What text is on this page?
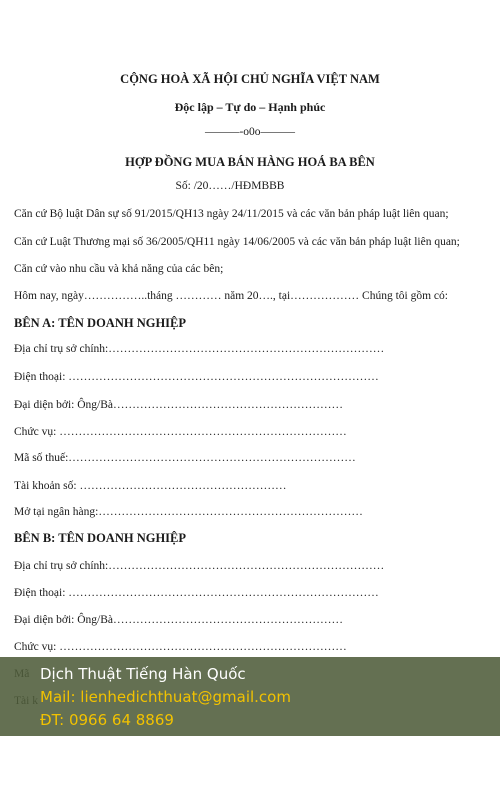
CỘNG HOÀ XÃ HỘI CHỦ NGHĨA VIỆT NAM
Độc lập – Tự do – Hạnh phúc
———-o0o———
HỢP ĐỒNG MUA BÁN HÀNG HOÁ BA BÊN
Số: /20……/HĐMBBB
Căn cứ Bộ luật Dân sự số 91/2015/QH13 ngày 24/11/2015 và các văn bản pháp luật liên quan;
Căn cứ Luật Thương mại số 36/2005/QH11 ngày 14/06/2005 và các văn bản pháp luật liên quan;
Căn cứ vào nhu cầu và khả năng của các bên;
Hôm nay, ngày……………..tháng ………… năm 20…., tại……………… Chúng tôi gồm có:
BÊN A: TÊN DOANH NGHIỆP
Địa chỉ trụ sở chính:………………………………………………………………
Điện thoại: ………………………………………………………………………
Đại diện bởi: Ông/Bà……………………………………………………
Chức vụ: …………………………………………………………………
Mã số thuế:…………………………………………………………………
Tài khoản số: ………………………………………………
Mở tại ngân hàng:……………………………………………………………
BÊN B: TÊN DOANH NGHIỆP
Địa chỉ trụ sở chính:………………………………………………………………
Điện thoại: ………………………………………………………………………
Đại diện bởi: Ông/Bà……………………………………………………
Chức vụ: …………………………………………………………………
Dịch Thuật Tiếng Hàn Quốc
Mail: lienhedichthuat@gmail.com
ĐT: 0966 64 8869
